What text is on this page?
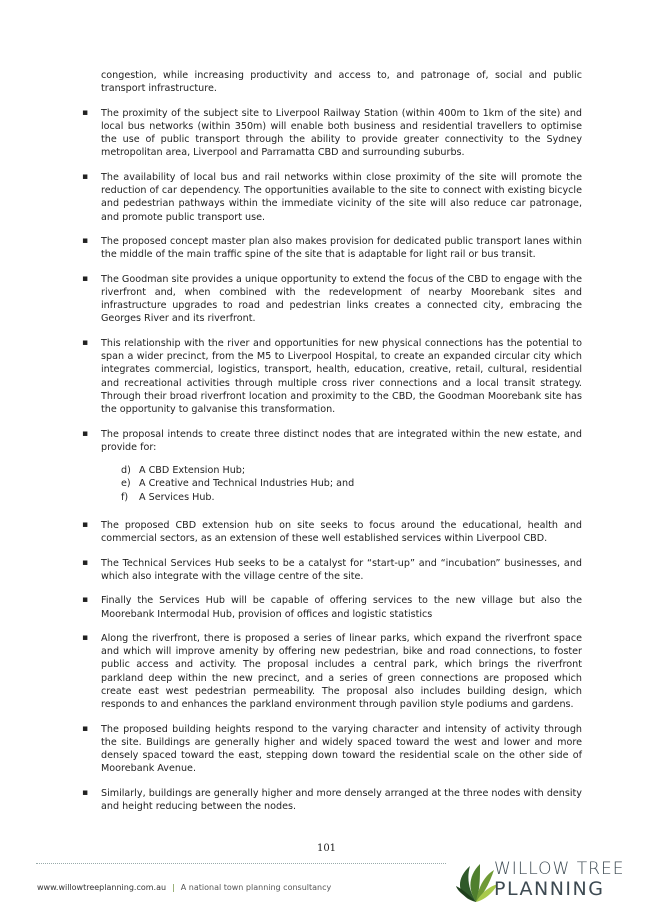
congestion, while increasing productivity and access to, and patronage of, social and public transport infrastructure.

▪ The proximity of the subject site to Liverpool Railway Station (within 400m to 1km of the site) and local bus networks (within 350m) will enable both business and residential travellers to optimise the use of public transport through the ability to provide greater connectivity to the Sydney metropolitan area, Liverpool and Parramatta CBD and surrounding suburbs.
▪ The availability of local bus and rail networks within close proximity of the site will promote the reduction of car dependency. The opportunities available to the site to connect with existing bicycle and pedestrian pathways within the immediate vicinity of the site will also reduce car patronage, and promote public transport use.
▪ The proposed concept master plan also makes provision for dedicated public transport lanes within the middle of the main traffic spine of the site that is adaptable for light rail or bus transit.
▪ The Goodman site provides a unique opportunity to extend the focus of the CBD to engage with the riverfront and, when combined with the redevelopment of nearby Moorebank sites and infrastructure upgrades to road and pedestrian links creates a connected city, embracing the Georges River and its riverfront.
▪ This relationship with the river and opportunities for new physical connections has the potential to span a wider precinct, from the M5 to Liverpool Hospital, to create an expanded circular city which integrates commercial, logistics, transport, health, education, creative, retail, cultural, residential and recreational activities through multiple cross river connections and a local transit strategy. Through their broad riverfront location and proximity to the CBD, the Goodman Moorebank site has the opportunity to galvanise this transformation.
▪ The proposal intends to create three distinct nodes that are integrated within the new estate, and provide for:
d) A CBD Extension Hub;
e) A Creative and Technical Industries Hub; and
f)	A Services Hub.
▪ The proposed CBD extension hub on site seeks to focus around the educational, health and commercial sectors, as an extension of these well established services within Liverpool CBD.
▪ The Technical Services Hub seeks to be a catalyst for “start-up” and “incubation” businesses, and which also integrate with the village centre of the site.
▪ Finally the Services Hub will be capable of offering services to the new village but also the Moorebank Intermodal Hub, provision of offices and logistic statistics
▪ Along the riverfront, there is proposed a series of linear parks, which expand the riverfront space and which will improve amenity by offering new pedestrian, bike and road connections, to foster public access and activity. The proposal includes a central park, which brings the riverfront parkland deep within the new precinct, and a series of green connections are proposed which create east west pedestrian permeability. The proposal also includes building design, which responds to and enhances the parkland environment through pavilion style podiums and gardens.
▪ The proposed building heights respond to the varying character and intensity of activity through the site. Buildings are generally higher and widely spaced toward the west and lower and more densely spaced toward the east, stepping down toward the residential scale on the other side of Moorebank Avenue.
▪ Similarly, buildings are generally higher and more densely arranged at the three nodes with density and height reducing between the nodes.
101
www.willowtreeplanning.com.au | A national town planning consultancy
WILLOW TREE
PLANNING
